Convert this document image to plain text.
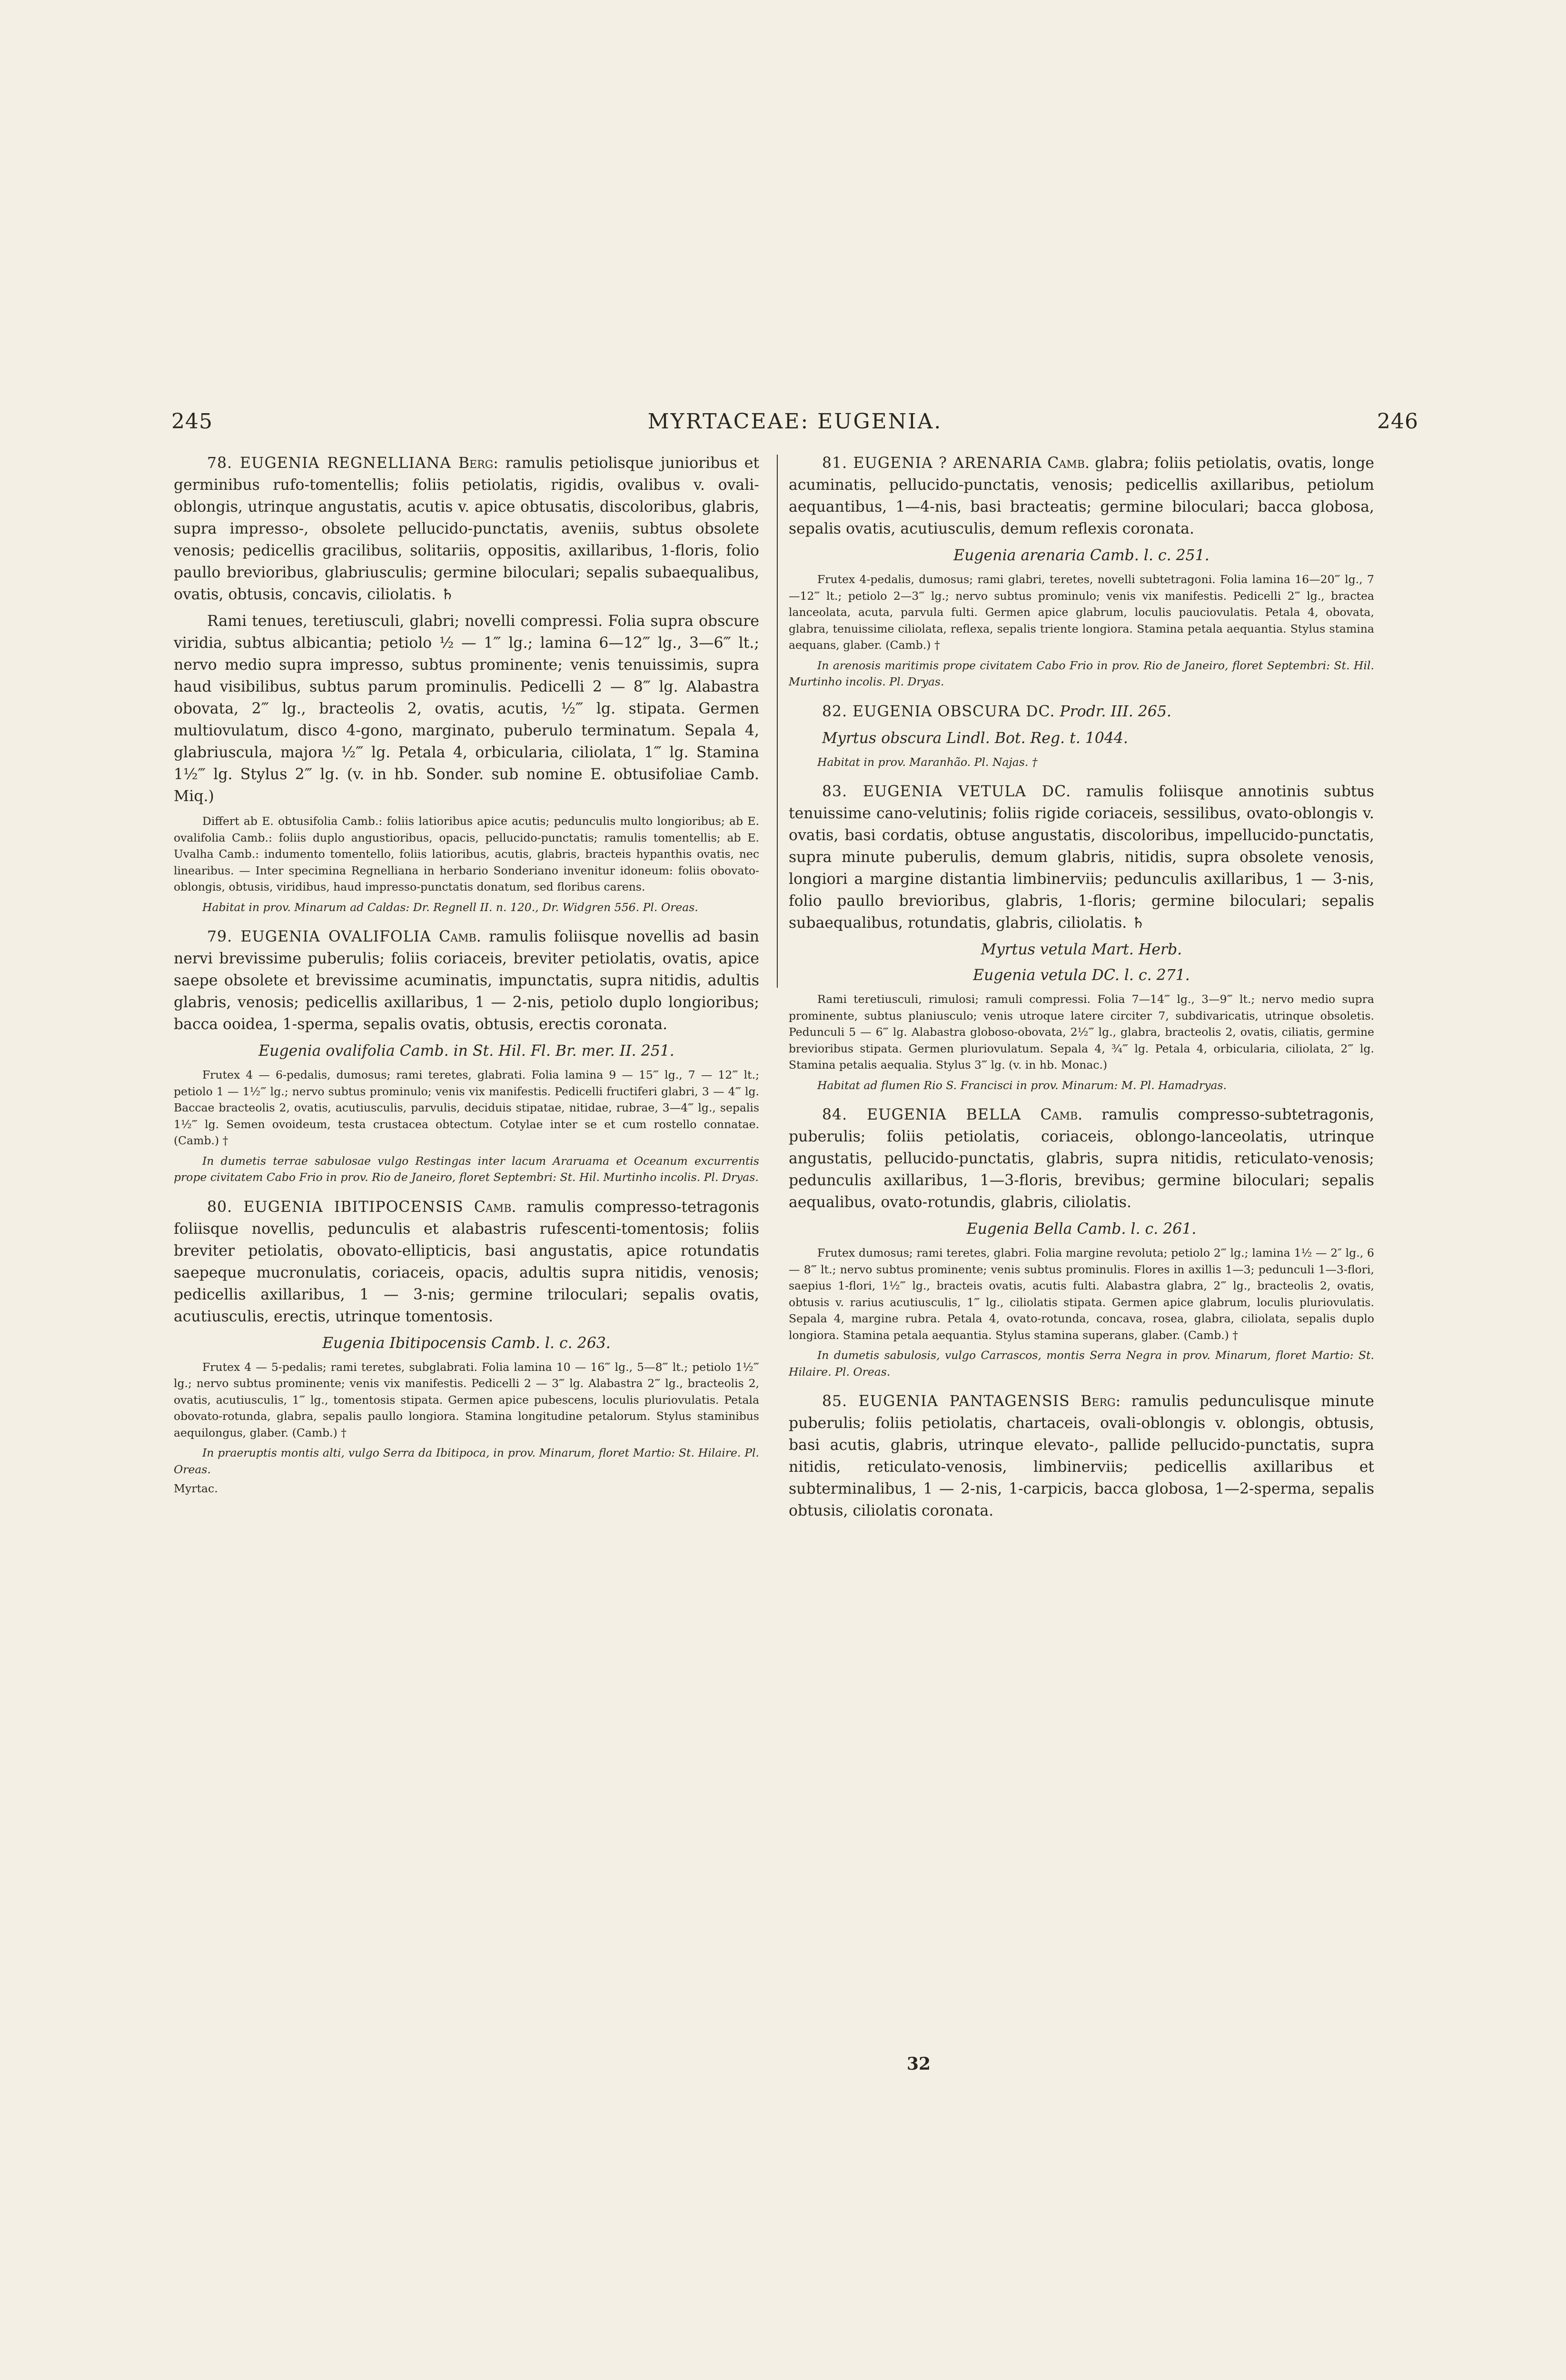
245	MYRTACEAE: EUGENIA.	246

78. EUGENIA REGNELLIANA Berg: ramulis petiolisque junioribus et germinibus rufo-tomentellis; foliis petiolatis, rigidis, ovalibus v. ovali-oblongis, utrinque angustatis, acutis v. apice obtusatis, discoloribus, glabris, supra impresso-, obsolete pellucido-punctatis, aveniis, subtus obsolete venosis; pedicellis gracilibus, solitariis, oppositis, axillaribus, 1-floris, folio paullo brevioribus, glabriusculis; germine biloculari; sepalis subaequalibus, ovatis, obtusis, concavis, ciliolatis. ♄

Rami tenues, teretiusculi, glabri; novelli compressi. Folia supra obscure viridia, subtus albicantia; petiolo ½ — 1‴ lg.; lamina 6—12‴ lg., 3—6‴ lt.; nervo medio supra impresso, subtus prominente; venis tenuissimis, supra haud visibilibus, subtus parum prominulis. Pedicelli 2 — 8‴ lg. Alabastra obovata, 2‴ lg., bracteolis 2, ovatis, acutis, ½‴ lg. stipata. Germen multiovulatum, disco 4-gono, marginato, puberulo terminatum. Sepala 4, glabriuscula, majora ½‴ lg. Petala 4, orbicularia, ciliolata, 1‴ lg. Stamina 1½‴ lg. Stylus 2‴ lg. (v. in hb. Sonder. sub nomine E. obtusifoliae Camb. Miq.)

Differt ab E. obtusifolia Camb.: foliis latioribus apice acutis; pedunculis multo longioribus; ab E. ovalifolia Camb.: foliis duplo angustioribus, opacis, pellucido-punctatis; ramulis tomentellis; ab E. Uvalha Camb.: indumento tomentello, foliis latioribus, acutis, glabris, bracteis hypanthis ovatis, nec linearibus. — Inter specimina Regnelliana in herbario Sonderiano invenitur idoneum: foliis obovato-oblongis, obtusis, viridibus, haud impresso-punctatis donatum, sed floribus carens.

Habitat in prov. Minarum ad Caldas: Dr. Regnell II. n. 120., Dr. Widgren 556. Pl. Oreas.

79. EUGENIA OVALIFOLIA Camb. ramulis foliisque novellis ad basin nervi brevissime puberulis; foliis coriaceis, breviter petiolatis, ovatis, apice saepe obsolete et brevissime acuminatis, impunctatis, supra nitidis, adultis glabris, venosis; pedicellis axillaribus, 1 — 2-nis, petiolo duplo longioribus; bacca ooidea, 1-sperma, sepalis ovatis, obtusis, erectis coronata.

Eugenia ovalifolia Camb. in St. Hil. Fl. Br. mer. II. 251.

Frutex 4 — 6-pedalis, dumosus; rami teretes, glabrati. Folia lamina 9 — 15‴ lg., 7 — 12‴ lt.; petiolo 1 — 1½‴ lg.; nervo subtus prominulo; venis vix manifestis. Pedicelli fructiferi glabri, 3 — 4‴ lg. Baccae bracteolis 2, ovatis, acutiusculis, parvulis, deciduis stipatae, nitidae, rubrae, 3—4‴ lg., sepalis 1½‴ lg. Semen ovoideum, testa crustacea obtectum. Cotylae inter se et cum rostello connatae. (Camb.) †

In dumetis terrae sabulosae vulgo Restingas inter lacum Araruama et Oceanum excurrentis prope civitatem Cabo Frio in prov. Rio de Janeiro, floret Septembri: St. Hil. Murtinho incolis. Pl. Dryas.

80. EUGENIA IBITIPOCENSIS Camb. ramulis compresso-tetragonis foliisque novellis, pedunculis et alabastris rufescenti-tomentosis; foliis breviter petiolatis, obovato-ellipticis, basi angustatis, apice rotundatis saepeque mucronulatis, coriaceis, opacis, adultis supra nitidis, venosis; pedicellis axillaribus, 1 — 3-nis; germine triloculari; sepalis ovatis, acutiusculis, erectis, utrinque tomentosis.

Eugenia Ibitipocensis Camb. l. c. 263.

Frutex 4 — 5-pedalis; rami teretes, subglabrati. Folia lamina 10 — 16‴ lg., 5—8‴ lt.; petiolo 1½‴ lg.; nervo subtus prominente; venis vix manifestis. Pedicelli 2 — 3‴ lg. Alabastra 2‴ lg., bracteolis 2, ovatis, acutiusculis, 1‴ lg., tomentosis stipata. Germen apice pubescens, loculis pluriovulatis. Petala obovato-rotunda, glabra, sepalis paullo longiora. Stamina longitudine petalorum. Stylus staminibus aequilongus, glaber. (Camb.) †

In praeruptis montis alti, vulgo Serra da Ibitipoca, in prov. Minarum, floret Martio: St. Hilaire. Pl. Oreas.

Myrtac.

81. EUGENIA ? ARENARIA Camb. glabra; foliis petiolatis, ovatis, longe acuminatis, pellucido-punctatis, venosis; pedicellis axillaribus, petiolum aequantibus, 1—4-nis, basi bracteatis; germine biloculari; bacca globosa, sepalis ovatis, acutiusculis, demum reflexis coronata.

Eugenia arenaria Camb. l. c. 251.

Frutex 4-pedalis, dumosus; rami glabri, teretes, novelli subtetragoni. Folia lamina 16—20‴ lg., 7—12‴ lt.; petiolo 2—3‴ lg.; nervo subtus prominulo; venis vix manifestis. Pedicelli 2‴ lg., bractea lanceolata, acuta, parvula fulti. Germen apice glabrum, loculis pauciovulatis. Petala 4, obovata, glabra, tenuissime ciliolata, reflexa, sepalis triente longiora. Stamina petala aequantia. Stylus stamina aequans, glaber. (Camb.) †

In arenosis maritimis prope civitatem Cabo Frio in prov. Rio de Janeiro, floret Septembri: St. Hil. Murtinho incolis. Pl. Dryas.

82. EUGENIA OBSCURA DC. Prodr. III. 265.

Myrtus obscura Lindl. Bot. Reg. t. 1044.

Habitat in prov. Maranhão. Pl. Najas. †

83. EUGENIA VETULA DC. ramulis foliisque annotinis subtus tenuissime cano-velutinis; foliis rigide coriaceis, sessilibus, ovato-oblongis v. ovatis, basi cordatis, obtuse angustatis, discoloribus, impellucido-punctatis, supra minute puberulis, demum glabris, nitidis, supra obsolete venosis, longiori a margine distantia limbinerviis; pedunculis axillaribus, 1 — 3-nis, folio paullo brevioribus, glabris, 1-floris; germine biloculari; sepalis subaequalibus, rotundatis, glabris, ciliolatis. ♄

Myrtus vetula Mart. Herb.

Eugenia vetula DC. l. c. 271.

Rami teretiusculi, rimulosi; ramuli compressi. Folia 7—14‴ lg., 3—9‴ lt.; nervo medio supra prominente, subtus planiusculo; venis utroque latere circiter 7, subdivaricatis, utrinque obsoletis. Pedunculi 5 — 6‴ lg. Alabastra globoso-obovata, 2½‴ lg., glabra, bracteolis 2, ovatis, ciliatis, germine brevioribus stipata. Germen pluriovulatum. Sepala 4, ¾‴ lg. Petala 4, orbicularia, ciliolata, 2‴ lg. Stamina petalis aequalia. Stylus 3‴ lg. (v. in hb. Monac.)

Habitat ad flumen Rio S. Francisci in prov. Minarum: M. Pl. Hamadryas.

84. EUGENIA BELLA Camb. ramulis compresso-subtetragonis, puberulis; foliis petiolatis, coriaceis, oblongo-lanceolatis, utrinque angustatis, pellucido-punctatis, glabris, supra nitidis, reticulato-venosis; pedunculis axillaribus, 1—3-floris, brevibus; germine biloculari; sepalis aequalibus, ovato-rotundis, glabris, ciliolatis.

Eugenia Bella Camb. l. c. 261.

Frutex dumosus; rami teretes, glabri. Folia margine revoluta; petiolo 2‴ lg.; lamina 1½ — 2″ lg., 6 — 8‴ lt.; nervo subtus prominente; venis subtus prominulis. Flores in axillis 1—3; pedunculi 1—3-flori, saepius 1-flori, 1½‴ lg., bracteis ovatis, acutis fulti. Alabastra glabra, 2‴ lg., bracteolis 2, ovatis, obtusis v. rarius acutiusculis, 1‴ lg., ciliolatis stipata. Germen apice glabrum, loculis pluriovulatis. Sepala 4, margine rubra. Petala 4, ovato-rotunda, concava, rosea, glabra, ciliolata, sepalis duplo longiora. Stamina petala aequantia. Stylus stamina superans, glaber. (Camb.) †

In dumetis sabulosis, vulgo Carrascos, montis Serra Negra in prov. Minarum, floret Martio: St. Hilaire. Pl. Oreas.

85. EUGENIA PANTAGENSIS Berg: ramulis pedunculisque minute puberulis; foliis petiolatis, chartaceis, ovali-oblongis v. oblongis, obtusis, basi acutis, glabris, utrinque elevato-, pallide pellucido-punctatis, supra nitidis, reticulato-venosis, limbinerviis; pedicellis axillaribus et subterminalibus, 1 — 2-nis, 1-carpicis, bacca globosa, 1—2-sperma, sepalis obtusis, ciliolatis coronata.

32
